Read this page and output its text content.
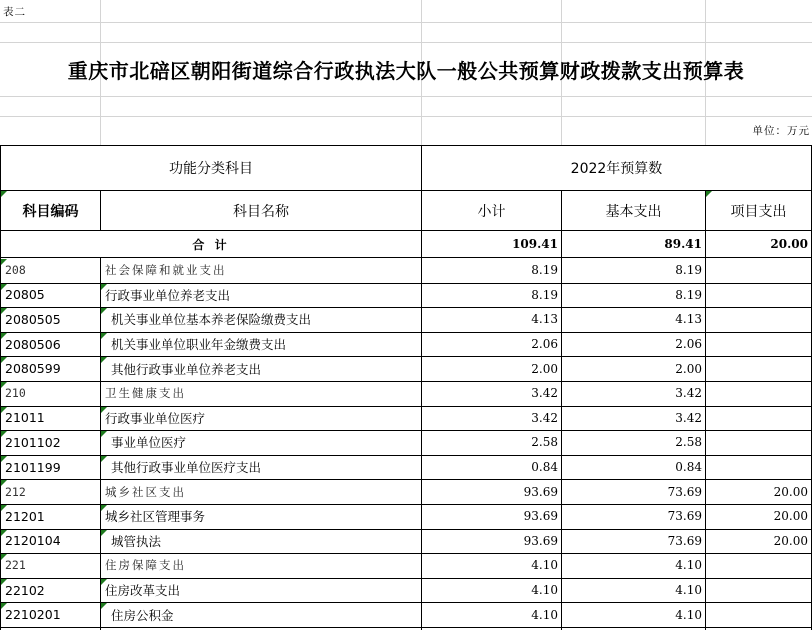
表二
重庆市北碚区朝阳街道综合行政执法大队一般公共预算财政拨款支出预算表
单位：万元
功能分类科目	2022年预算数
科目编码	科目名称	小计	基本支出	项目支出
合 计	109.41	89.41	20.00
208	社会保障和就业支出	8.19	8.19
20805	行政事业单位养老支出	8.19	8.19
2080505	机关事业单位基本养老保险缴费支出	4.13	4.13
2080506	机关事业单位职业年金缴费支出	2.06	2.06
2080599	其他行政事业单位养老支出	2.00	2.00
210	卫生健康支出	3.42	3.42
21011	行政事业单位医疗	3.42	3.42
2101102	事业单位医疗	2.58	2.58
2101199	其他行政事业单位医疗支出	0.84	0.84
212	城乡社区支出	93.69	73.69	20.00
21201	城乡社区管理事务	93.69	73.69	20.00
2120104	城管执法	93.69	73.69	20.00
221	住房保障支出	4.10	4.10
22102	住房改革支出	4.10	4.10
2210201	住房公积金	4.10	4.10
